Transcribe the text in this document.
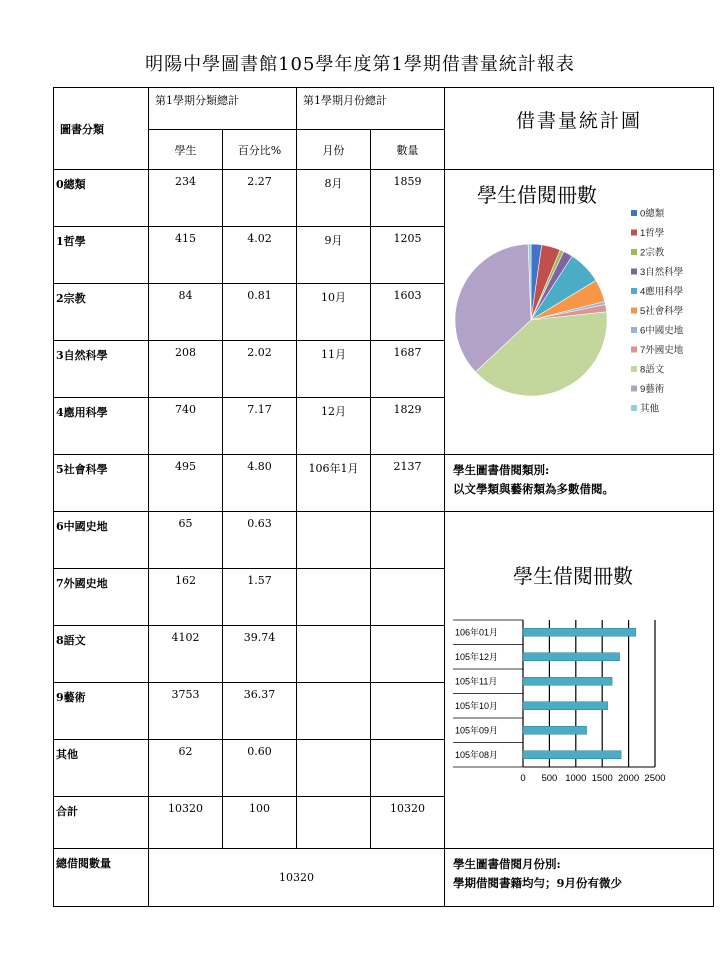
明陽中學圖書館105學年度第1學期借書量統計報表
圖書分類	第1學期分類總計		第1學期月份總計		借書量統計圖

	學生	百分比%	月份	數量	
0總類	234	2.27	8月	1859	
1哲學	415	4.02	9月	1205	
2宗教	84	0.81	10月	1603	
3自然科學	208	2.02	11月	1687	
4應用科學	740	7.17	12月	1829	
5社會科學	495	4.80	106年1月	2137	學生圖書借閱類別:
以文學類與藝術類為多數借閱。

6中國史地	65	0.63			
7外國史地	162	1.57			
8語文	4102	39.74			
9藝術	3753	36.37			
其他	62	0.60			
合計	10320	100		10320	
總借閱數量	10320				學生圖書借閱月份別:
學期借閱書籍均勻；9月份有微少
學生借閱冊數
0總類
1哲學
2宗教
3自然科學
4應用科學
5社會科學
6中國史地
7外國史地
8語文
9藝術
其他
學生借閱冊數
0 500 1000 1500 2000 2500
105年08月
105年09月
105年10月
105年11月
105年12月
106年01月
